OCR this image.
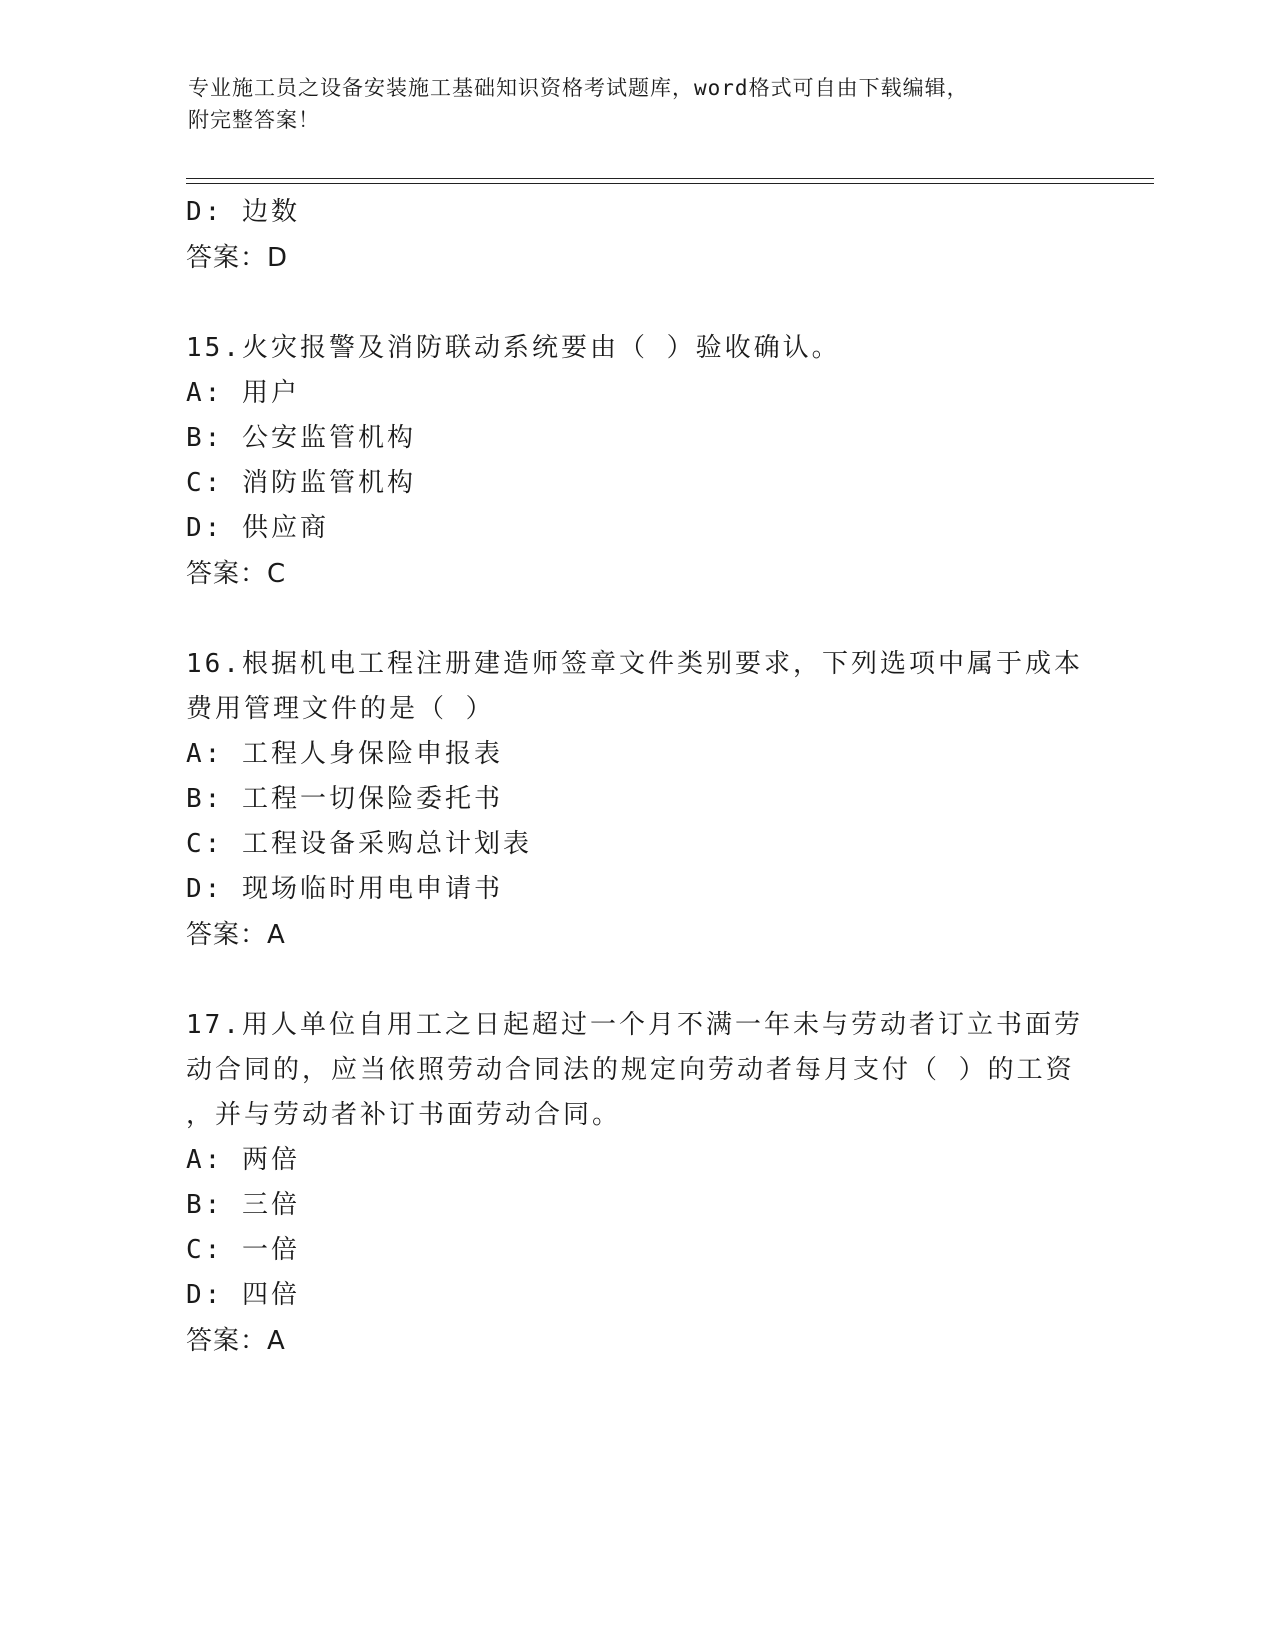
专业施工员之设备安装施工基础知识资格考试题库，word格式可自由下载编辑，
附完整答案！
D: 边数
答案：D
15.火灾报警及消防联动系统要由（ ）验收确认。
A: 用户
B: 公安监管机构
C: 消防监管机构
D: 供应商
答案：C
16.根据机电工程注册建造师签章文件类别要求，下列选项中属于成本
费用管理文件的是（ ）
A: 工程人身保险申报表
B: 工程一切保险委托书
C: 工程设备采购总计划表
D: 现场临时用电申请书
答案：A
17.用人单位自用工之日起超过一个月不满一年未与劳动者订立书面劳
动合同的，应当依照劳动合同法的规定向劳动者每月支付（ ）的工资
，并与劳动者补订书面劳动合同。
A: 两倍
B: 三倍
C: 一倍
D: 四倍
答案：A
